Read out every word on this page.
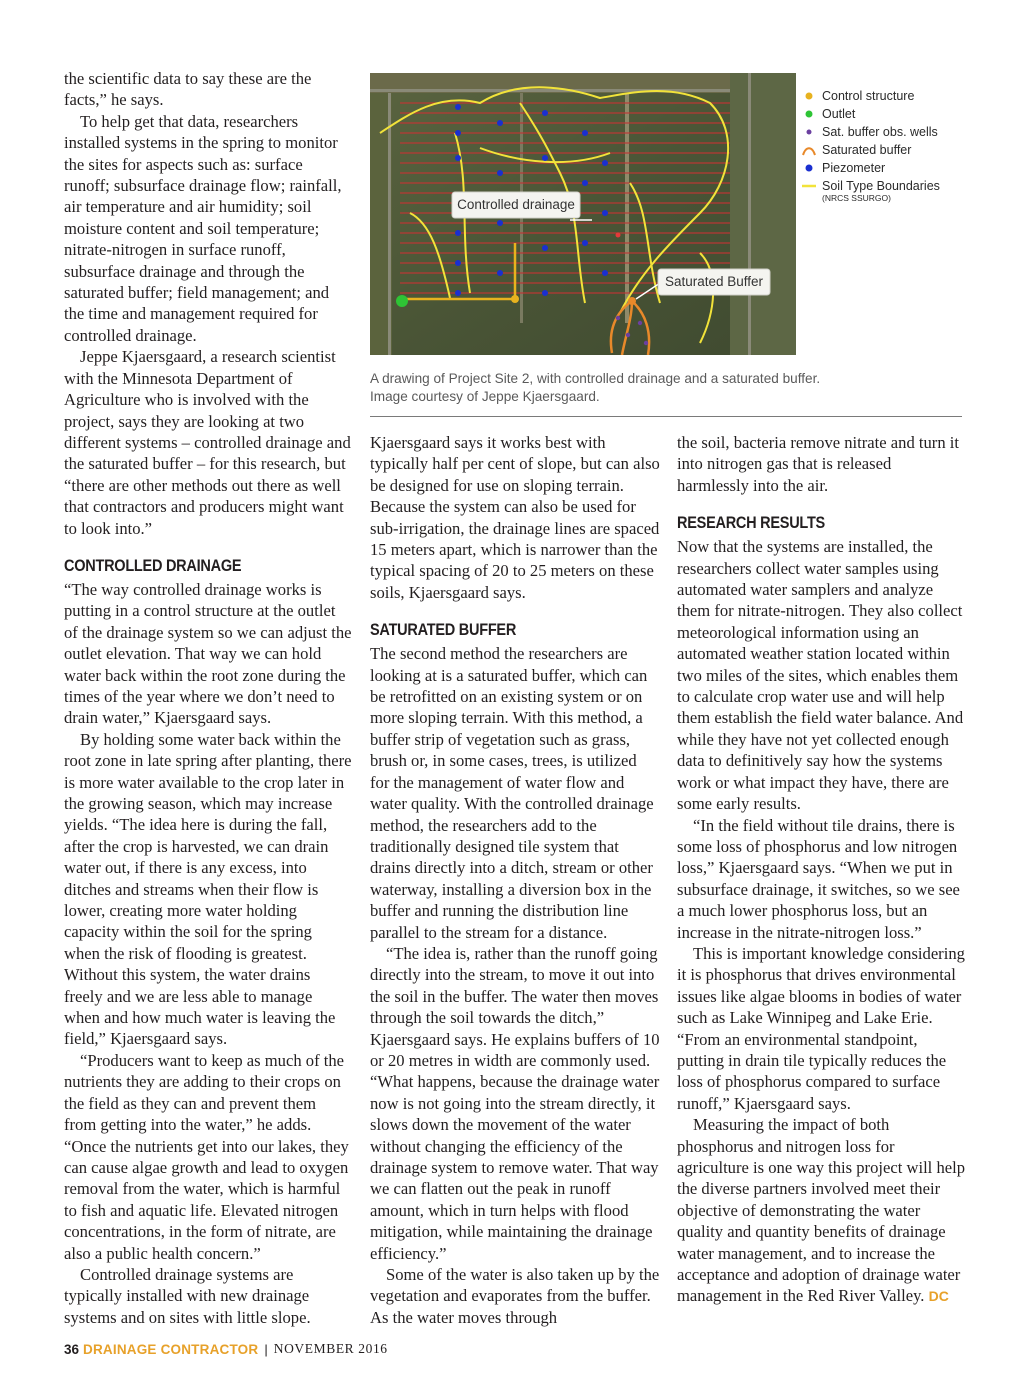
the scientific data to say these are the facts,” he says.

To help get that data, researchers installed systems in the spring to monitor the sites for aspects such as: surface runoff; subsurface drainage flow; rainfall, air temperature and air humidity; soil moisture content and soil temperature; nitrate-nitrogen in surface runoff, subsurface drainage and through the saturated buffer; field management; and the time and management required for controlled drainage.

Jeppe Kjaersgaard, a research scientist with the Minnesota Department of Agriculture who is involved with the project, says they are looking at two different systems – controlled drainage and the saturated buffer – for this research, but “there are other methods out there as well that contractors and producers might want to look into.”

CONTROLLED DRAINAGE

“The way controlled drainage works is putting in a control structure at the outlet of the drainage system so we can adjust the outlet elevation. That way we can hold water back within the root zone during the times of the year where we don’t need to drain water,” Kjaersgaard says.

By holding some water back within the root zone in late spring after planting, there is more water available to the crop later in the growing season, which may increase yields. “The idea here is during the fall, after the crop is harvested, we can drain water out, if there is any excess, into ditches and streams when their flow is lower, creating more water holding capacity within the soil for the spring when the risk of flooding is greatest. Without this system, the water drains freely and we are less able to manage when and how much water is leaving the field,” Kjaersgaard says.

“Producers want to keep as much of the nutrients they are adding to their crops on the field as they can and prevent them from getting into the water,” he adds. “Once the nutrients get into our lakes, they can cause algae growth and lead to oxygen removal from the water, which is harmful to fish and aquatic life. Elevated nitrogen concentrations, in the form of nitrate, are also a public health concern.”

Controlled drainage systems are typically installed with new drainage systems and on sites with little slope.

Controlled drainage
Saturated Buffer
Control structure
Outlet
Sat. buffer obs. wells
Saturated buffer
Piezometer
Soil Type Boundaries
(NRCS SSURGO)
A drawing of Project Site 2, with controlled drainage and a saturated buffer.
Image courtesy of Jeppe Kjaersgaard.

Kjaersgaard says it works best with typically half per cent of slope, but can also be designed for use on sloping terrain. Because the system can also be used for sub-irrigation, the drainage lines are spaced 15 meters apart, which is narrower than the typical spacing of 20 to 25 meters on these soils, Kjaersgaard says.

SATURATED BUFFER

The second method the researchers are looking at is a saturated buffer, which can be retrofitted on an existing system or on more sloping terrain. With this method, a buffer strip of vegetation such as grass, brush or, in some cases, trees, is utilized for the management of water flow and water quality. With the controlled drainage method, the researchers add to the traditionally designed tile system that drains directly into a ditch, stream or other waterway, installing a diversion box in the buffer and running the distribution line parallel to the stream for a distance.

“The idea is, rather than the runoff going directly into the stream, to move it out into the soil in the buffer. The water then moves through the soil towards the ditch,” Kjaersgaard says. He explains buffers of 10 or 20 metres in width are commonly used. “What happens, because the drainage water now is not going into the stream directly, it slows down the movement of the water without changing the efficiency of the drainage system to remove water. That way we can flatten out the peak in runoff amount, which in turn helps with flood mitigation, while maintaining the drainage efficiency.”

Some of the water is also taken up by the vegetation and evaporates from the buffer. As the water moves through

the soil, bacteria remove nitrate and turn it into nitrogen gas that is released harmlessly into the air.

RESEARCH RESULTS

Now that the systems are installed, the researchers collect water samples using automated water samplers and analyze them for nitrate-nitrogen. They also collect meteorological information using an automated weather station located within two miles of the sites, which enables them to calculate crop water use and will help them establish the field water balance. And while they have not yet collected enough data to definitively say how the systems work or what impact they have, there are some early results.

“In the field without tile drains, there is some loss of phosphorus and low nitrogen loss,” Kjaersgaard says. “When we put in subsurface drainage, it switches, so we see a much lower phosphorus loss, but an increase in the nitrate-nitrogen loss.”

This is important knowledge considering it is phosphorus that drives environmental issues like algae blooms in bodies of water such as Lake Winnipeg and Lake Erie. “From an environmental standpoint, putting in drain tile typically reduces the loss of phosphorus compared to surface runoff,” Kjaersgaard says.

Measuring the impact of both phosphorus and nitrogen loss for agriculture is one way this project will help the diverse partners involved meet their objective of demonstrating the water quality and quantity benefits of drainage water management, and to increase the acceptance and adoption of drainage water management in the Red River Valley. DC

36 DRAINAGE CONTRACTOR | NOVEMBER 2016
